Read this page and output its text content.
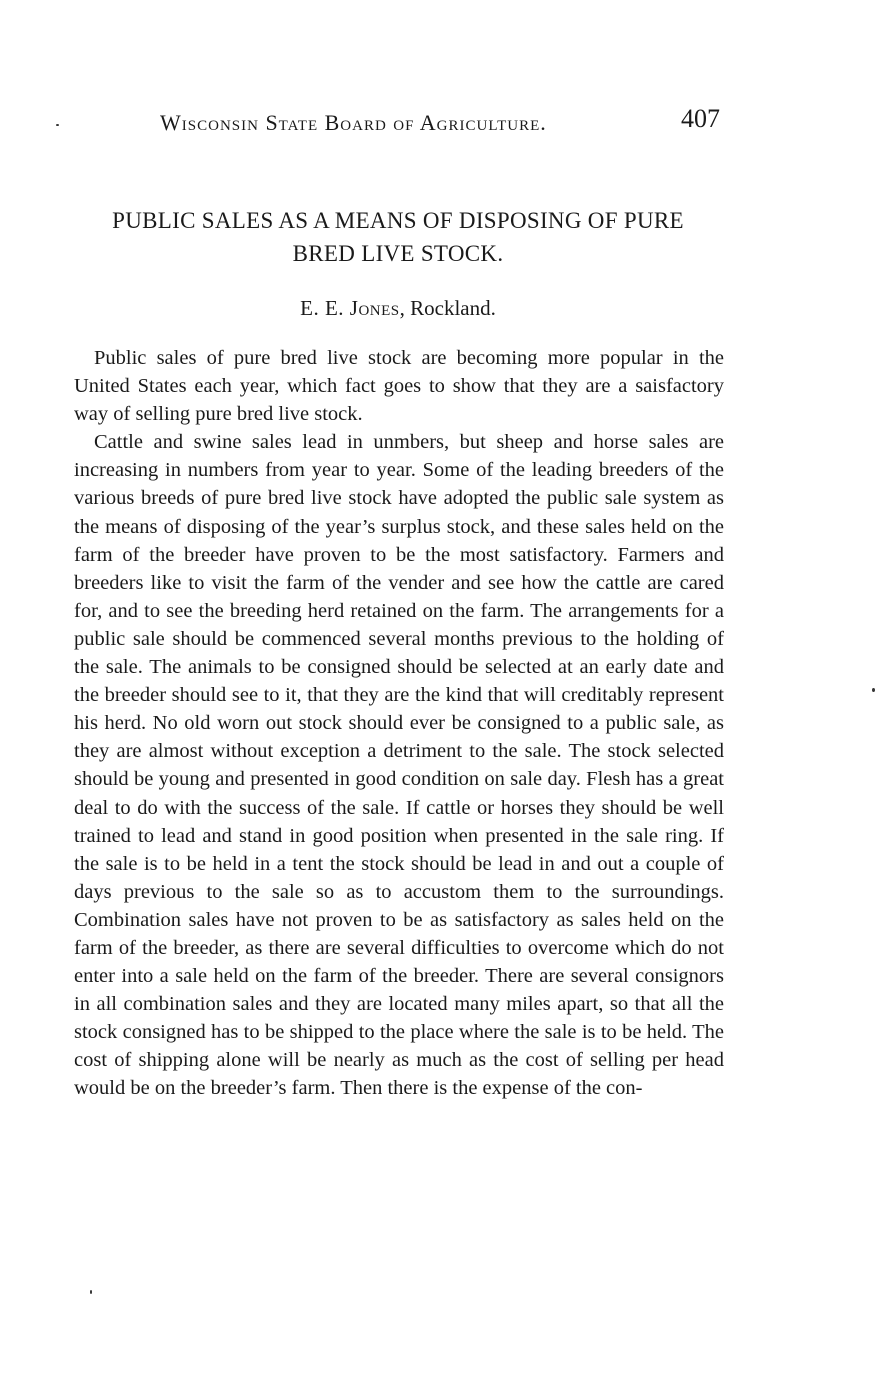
Wisconsin State Board of Agriculture.	407
PUBLIC SALES AS A MEANS OF DISPOSING OF PURE
BRED LIVE STOCK.
E. E. Jones, Rockland.

Public sales of pure bred live stock are becoming more popular in the United States each year, which fact goes to show that they are a saisfactory way of selling pure bred live stock.

Cattle and swine sales lead in unmbers, but sheep and horse sales are increasing in numbers from year to year. Some of the leading breeders of the various breeds of pure bred live stock have adopted the public sale system as the means of disposing of the year’s surplus stock, and these sales held on the farm of the breeder have proven to be the most satisfactory. Farmers and breeders like to visit the farm of the vender and see how the cattle are cared for, and to see the breeding herd retained on the farm. The arrangements for a public sale should be commenced several months previous to the holding of the sale. The animals to be consigned should be selected at an early date and the breeder should see to it, that they are the kind that will creditably represent his herd. No old worn out stock should ever be consigned to a public sale, as they are almost without exception a detriment to the sale. The stock selected should be young and presented in good condition on sale day. Flesh has a great deal to do with the success of the sale. If cattle or horses they should be well trained to lead and stand in good position when presented in the sale ring. If the sale is to be held in a tent the stock should be lead in and out a couple of days previous to the sale so as to accustom them to the surroundings. Combination sales have not proven to be as satisfactory as sales held on the farm of the breeder, as there are several difficulties to overcome which do not enter into a sale held on the farm of the breeder. There are several consignors in all combination sales and they are located many miles apart, so that all the stock consigned has to be shipped to the place where the sale is to be held. The cost of shipping alone will be nearly as much as the cost of selling per head would be on the breeder’s farm. Then there is the expense of the con-
